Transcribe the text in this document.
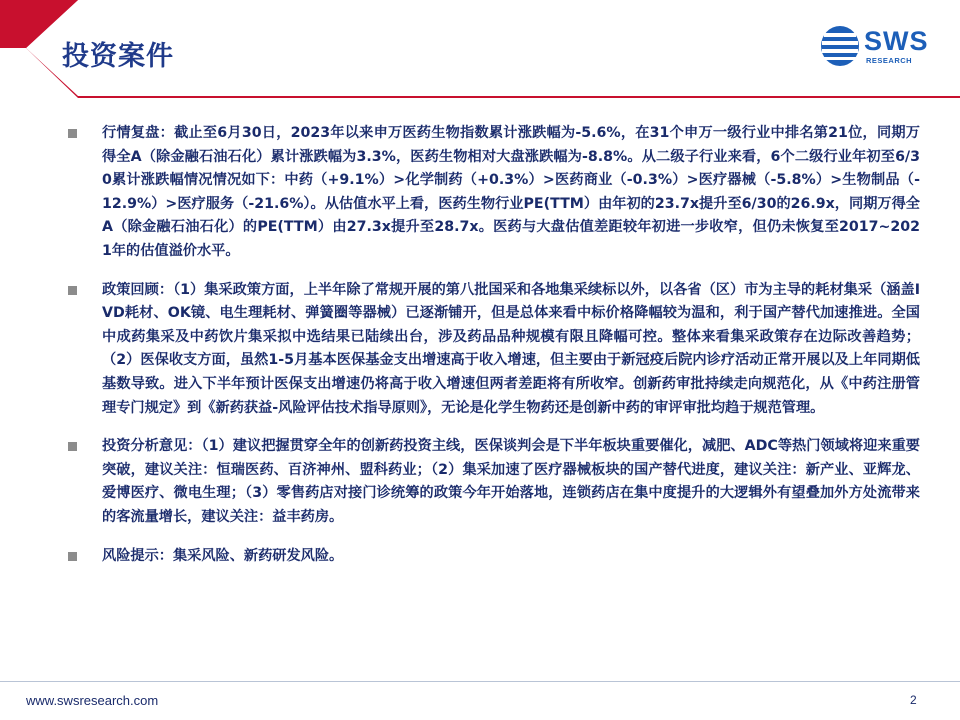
投资案件	SWS
RESEARCH
行情复盘：截止至6月30日，2023年以来申万医药生物指数累计涨跌幅为-5.6%，在31个申万一级行业中排名第21位，同期万得全A（除金融石油石化）累计涨跌幅为3.3%，医药生物相对大盘涨跌幅为-8.8%。从二级子行业来看，6个二级行业年初至6/30累计涨跌幅情况情况如下：中药（+9.1%）>化学制药（+0.3%）>医药商业（-0.3%）>医疗器械（-5.8%）>生物制品（-12.9%）>医疗服务（-21.6%）。从估值水平上看，医药生物行业PE(TTM）由年初的23.7x提升至6/30的26.9x，同期万得全A（除金融石油石化）的PE(TTM）由27.3x提升至28.7x。医药与大盘估值差距较年初进一步收窄，但仍未恢复至2017~2021年的估值溢价水平。
政策回顾：（1）集采政策方面，上半年除了常规开展的第八批国采和各地集采续标以外，以各省（区）市为主导的耗材集采（涵盖IVD耗材、OK镜、电生理耗材、弹簧圈等器械）已逐渐铺开，但是总体来看中标价格降幅较为温和，利于国产替代加速推进。全国中成药集采及中药饮片集采拟中选结果已陆续出台，涉及药品品种规模有限且降幅可控。整体来看集采政策存在边际改善趋势；（2）医保收支方面，虽然1-5月基本医保基金支出增速高于收入增速，但主要由于新冠疫后院内诊疗活动正常开展以及上年同期低基数导致。进入下半年预计医保支出增速仍将高于收入增速但两者差距将有所收窄。创新药审批持续走向规范化，从《中药注册管理专门规定》到《新药获益-风险评估技术指导原则》，无论是化学生物药还是创新中药的审评审批均趋于规范管理。
投资分析意见：（1）建议把握贯穿全年的创新药投资主线，医保谈判会是下半年板块重要催化，减肥、ADC等热门领域将迎来重要突破，建议关注：恒瑞医药、百济神州、盟科药业；（2）集采加速了医疗器械板块的国产替代进度，建议关注：新产业、亚辉龙、爱博医疗、微电生理；（3）零售药店对接门诊统筹的政策今年开始落地，连锁药店在集中度提升的大逻辑外有望叠加外方处流带来的客流量增长，建议关注：益丰药房。
风险提示：集采风险、新药研发风险。
www.swsresearch.com	2
